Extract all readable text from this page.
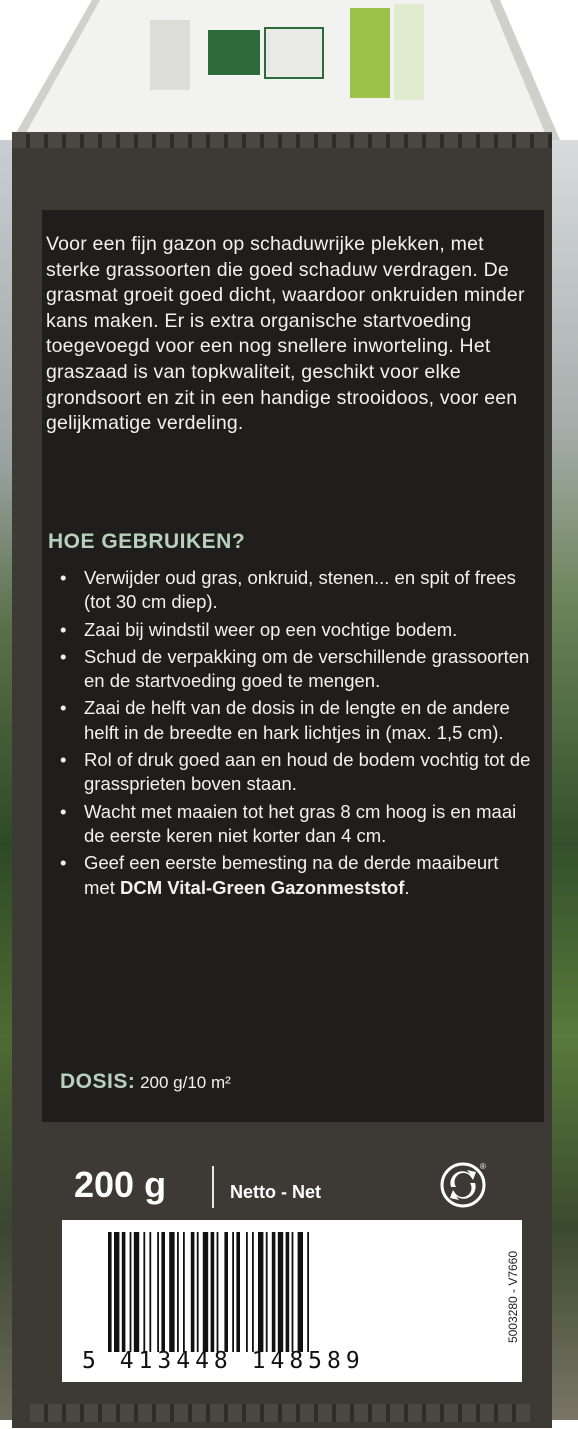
Voor een fijn gazon op schaduwrijke plekken, met sterke grassoorten die goed schaduw verdragen. De grasmat groeit goed dicht, waardoor onkruiden minder kans maken. Er is extra organische startvoeding toegevoegd voor een nog snellere inworteling. Het graszaad is van topkwaliteit, geschikt voor elke grondsoort en zit in een handige strooidoos, voor een gelijkmatige verdeling.

HOE GEBRUIKEN?
• Verwijder oud gras, onkruid, stenen... en spit of frees (tot 30 cm diep).
• Zaai bij windstil weer op een vochtige bodem.
• Schud de verpakking om de verschillende grassoorten en de startvoeding goed te mengen.
• Zaai de helft van de dosis in de lengte en de andere helft in de breedte en hark lichtjes in (max. 1,5 cm).
• Rol of druk goed aan en houd de bodem vochtig tot de grassprieten boven staan.
• Wacht met maaien tot het gras 8 cm hoog is en maai de eerste keren niet korter dan 4 cm.
• Geef een eerste bemesting na de derde maaibeurt met DCM Vital-Green Gazonmeststof.

DOSIS: 200 g/10 m²

200 g	Netto - Net

®

5 413448 148589

5003280 - V7660
